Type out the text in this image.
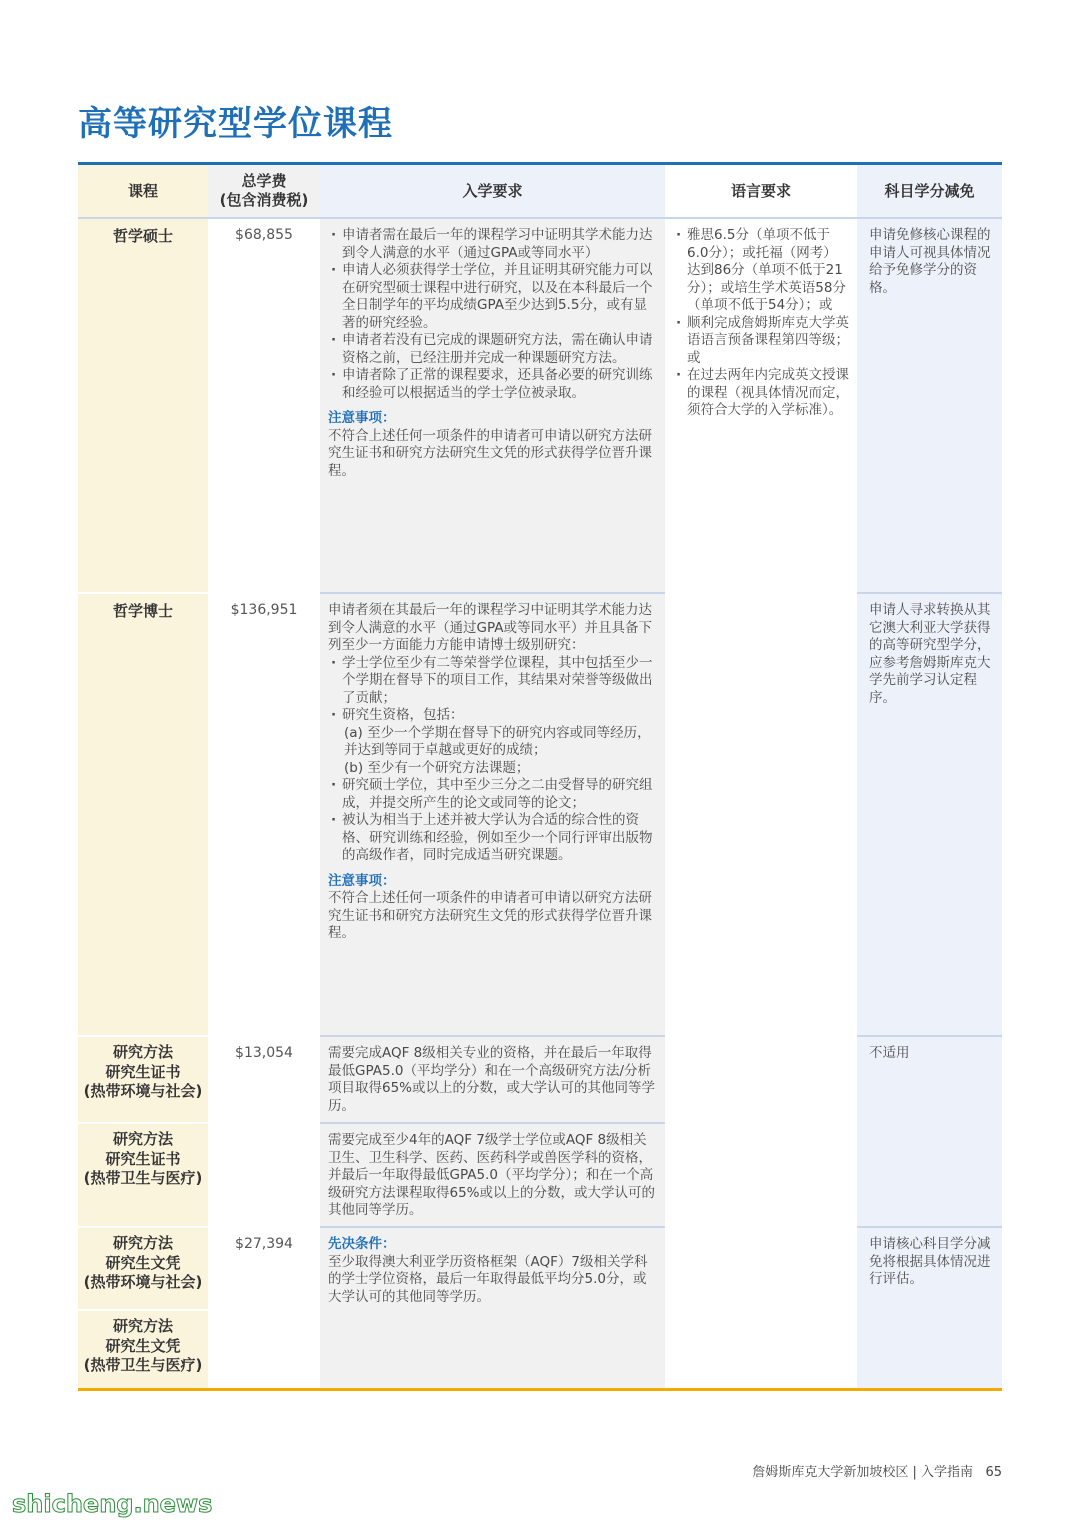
高等研究型学位课程
课程
总学费
(包含消费税)
入学要求	语言要求	科目学分减免
哲学硕士	$68,855
·	申请者需在最后一年的课程学习中证明其学术能力达到令人满意的水平（通过GPA或等同水平）
· 申请人必须获得学士学位，并且证明其研究能力可以在研究型硕士课程中进行研究，以及在本科最后一个全日制学年的平均成绩GPA至少达到5.5分，或有显著的研究经验。
· 申请者若没有已完成的课题研究方法，需在确认申请资格之前，已经注册并完成一种课题研究方法。
· 申请者除了正常的课程要求，还具备必要的研究训练和经验可以根据适当的学士学位被录取。
注意事项：
不符合上述任何一项条件的申请者可申请以研究方法研究生证书和研究方法研究生文凭的形式获得学位晋升课程。
· 雅思6.5分（单项不低于6.0分）；或托福（网考）达到86分（单项不低于21分）；或培生学术英语58分（单项不低于54分）；或
· 顺利完成詹姆斯库克大学英语语言预备课程第四等级；或
· 在过去两年内完成英文授课的课程（视具体情况而定，须符合大学的入学标准）。
申请免修核心课程的申请人可视具体情况给予免修学分的资格。
哲学博士	$136,951	申请者须在其最后一年的课程学习中证明其学术能力达到令人满意的水平（通过GPA或等同水平）并且具备下列至少一方面能力方能申请博士级别研究：
· 学士学位至少有二等荣誉学位课程，其中包括至少一个学期在督导下的项目工作，其结果对荣誉等级做出了贡献；
· 研究生资格，包括：
(a) 至少一个学期在督导下的研究内容或同等经历，并达到等同于卓越或更好的成绩；
(b) 至少有一个研究方法课题；
· 研究硕士学位，其中至少三分之二由受督导的研究组成，并提交所产生的论文或同等的论文；
· 被认为相当于上述并被大学认为合适的综合性的资格、研究训练和经验，例如至少一个同行评审出版物的高级作者，同时完成适当研究课题。
注意事项：
不符合上述任何一项条件的申请者可申请以研究方法研究生证书和研究方法研究生文凭的形式获得学位晋升课程。
申请人寻求转换从其它澳大利亚大学获得的高等研究型学分，应参考詹姆斯库克大学先前学习认定程序。
研究方法
研究生证书
(热带环境与社会)
$13,054	需要完成AQF 8级相关专业的资格，并在最后一年取得最低GPA5.0（平均学分）和在一个高级研究方法/分析项目取得65%或以上的分数，或大学认可的其他同等学历。
不适用
研究方法
研究生证书
(热带卫生与医疗)
需要完成至少4年的AQF 7级学士学位或AQF 8级相关卫生、卫生科学、医药、医药科学或兽医学科的资格，并最后一年取得最低GPA5.0（平均学分）；和在一个高级研究方法课程取得65%或以上的分数，或大学认可的其他同等学历。
研究方法
研究生文凭
(热带环境与社会)
$27,394	先决条件：
至少取得澳大利亚学历资格框架（AQF）7级相关学科的学士学位资格，最后一年取得最低平均分5.0分，或大学认可的其他同等学历。
申请核心科目学分减免将根据具体情况进行评估。
研究方法
研究生文凭
(热带卫生与医疗)
詹姆斯库克大学新加坡校区 | 入学指南 65
shicheng.news
